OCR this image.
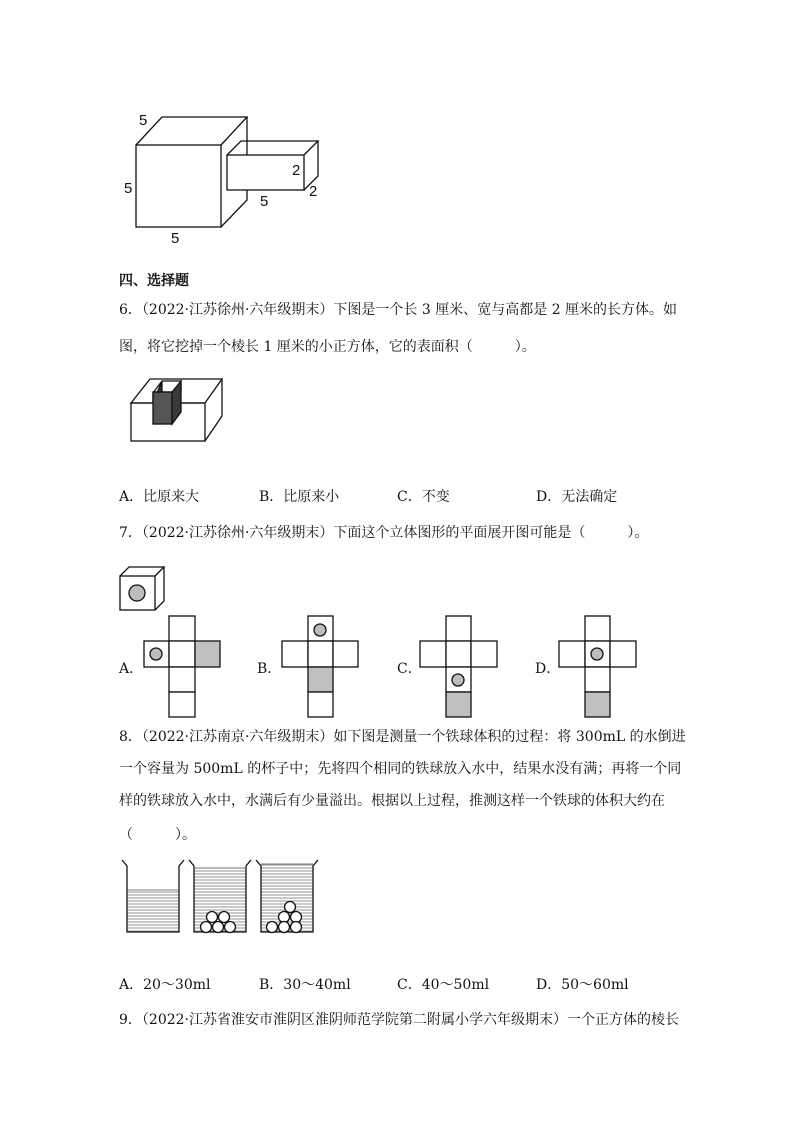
5
5
5
2
2
5
四、选择题
6．（2022·江苏徐州·六年级期末）下图是一个长 3 厘米、宽与高都是 2 厘米的长方体。如
图，将它挖掉一个棱长 1 厘米的小正方体，它的表面积（　　　）。
A．比原来大	B．比原来小	C．不变	D．无法确定
7．（2022·江苏徐州·六年级期末）下面这个立体图形的平面展开图可能是（　　　）。
A．	B．	C．	D．
8．（2022·江苏南京·六年级期末）如下图是测量一个铁球体积的过程：将 300mL 的水倒进
一个容量为 500mL 的杯子中；先将四个相同的铁球放入水中，结果水没有满；再将一个同
样的铁球放入水中，水满后有少量溢出。根据以上过程，推测这样一个铁球的体积大约在
（　　　）。
A．20～30ml	B．30～40ml	C．40～50ml	D．50～60ml
9．（2022·江苏省淮安市淮阴区淮阴师范学院第二附属小学六年级期末）一个正方体的棱长
